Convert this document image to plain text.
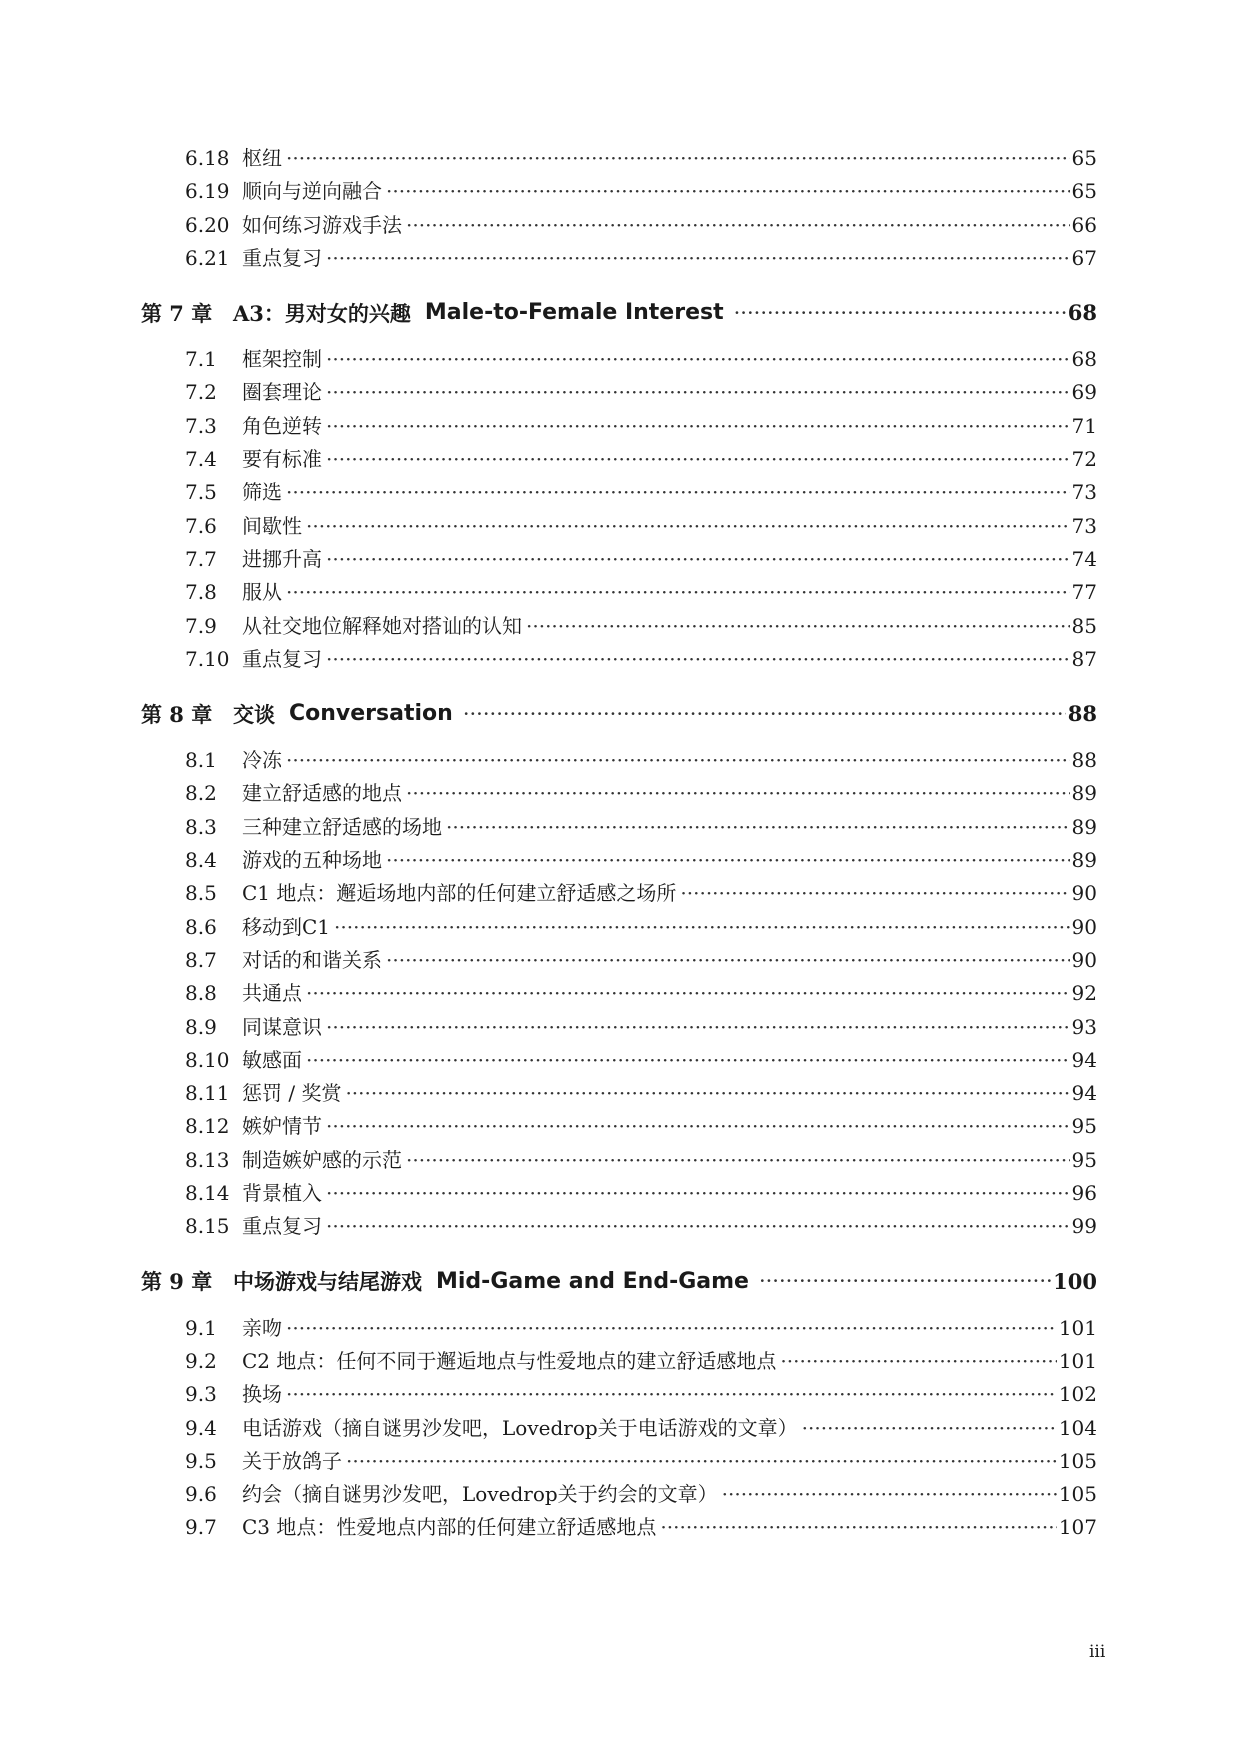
6.18 枢纽 ·····	65
6.19 顺向与逆向融合 ·····	65
6.20 如何练习游戏手法 ·····	66
6.21 重点复习 ·····	67
第 7 章 A3：男对女的兴趣 Male-to-Female Interest ·····	68
7.1	框架控制 ·····	68
7.2	圈套理论 ·····	69
7.3	角色逆转 ·····	71
7.4	要有标准 ·····	72
7.5	筛选 ·····	73
7.6	间歇性 ·····	73
7.7	进挪升高 ·····	74
7.8	服从 ·····	77
7.9	从社交地位解释她对搭讪的认知 ·····	85
7.10 重点复习 ·····	87
第 8 章 交谈 Conversation ·····	88
8.1	冷冻 ·····	88
8.2	建立舒适感的地点 ·····	89
8.3	三种建立舒适感的场地 ·····	89
8.4	游戏的五种场地 ·····	89
8.5	C1 地点：邂逅场地内部的任何建立舒适感之场所 ·····	90
8.6	移动到C1 ·····	90
8.7	对话的和谐关系 ·····	90
8.8	共通点 ·····	92
8.9	同谋意识 ·····	93
8.10 敏感面 ·····	94
8.11 惩罚 / 奖赏 ·····	94
8.12 嫉妒情节 ·····	95
8.13 制造嫉妒感的示范 ·····	95
8.14 背景植入 ·····	96
8.15 重点复习 ·····	99
第 9 章 中场游戏与结尾游戏 Mid-Game and End-Game ·····	100
9.1	亲吻 ·····	101
9.2	C2 地点：任何不同于邂逅地点与性爱地点的建立舒适感地点 ·····	101
9.3	换场 ·····	102
9.4	电话游戏（摘自谜男沙发吧，Lovedrop关于电话游戏的文章） ·····	104
9.5	关于放鸽子 ·····	105
9.6	约会（摘自谜男沙发吧，Lovedrop关于约会的文章） ·····	105
9.7	C3 地点：性爱地点内部的任何建立舒适感地点 ·····	107
iii
